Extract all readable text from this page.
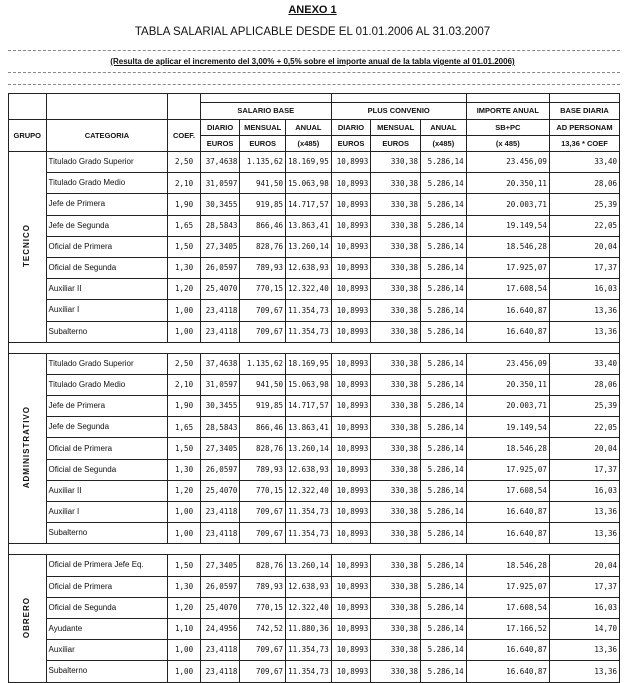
ANEXO 1
TABLA SALARIAL APLICABLE DESDE EL 01.01.2006 AL 31.03.2007
(Resulta de aplicar el incremento del 3,00% + 0,5% sobre el importe anual de la tabla vigente al 01.01.2006)

			SALARIO BASE			PLUS CONVENIO			IMPORTE ANUAL	BASE DIARIA
GRUPO	CATEGORIA	COEF.	DIARIO	MENSUAL	ANUAL	DIARIO	MENSUAL	ANUAL	SB+PC	AD PERSONAM
			EUROS	EUROS	(x485)	EUROS	EUROS	(x485)	(x 485)	13,36 * COEF
TECNICO	Titulado Grado Superior	2,50	37,4638	1.135,62	18.169,95	10,8993	330,38	5.286,14	23.456,09	33,40
	Titulado Grado Medio	2,10	31,0597	941,50	15.063,98	10,8993	330,38	5.286,14	20.350,11	28,06
	Jefe de Primera	1,90	30,3455	919,85	14.717,57	10,8993	330,38	5.286,14	20.003,71	25,39
	Jefe de Segunda	1,65	28,5843	866,46	13.863,41	10,8993	330,38	5.286,14	19.149,54	22,05
	Oficial de Primera	1,50	27,3405	828,76	13.260,14	10,8993	330,38	5.286,14	18.546,28	20,04
	Oficial de Segunda	1,30	26,0597	789,93	12.638,93	10,8993	330,38	5.286,14	17.925,07	17,37
	Auxiliar II	1,20	25,4070	770,15	12.322,40	10,8993	330,38	5.286,14	17.608,54	16,03
	Auxiliar I	1,00	23,4118	709,67	11.354,73	10,8993	330,38	5.286,14	16.640,87	13,36
	Subalterno	1,00	23,4118	709,67	11.354,73	10,8993	330,38	5.286,14	16.640,87	13,36

ADMINISTRATIVO	Titulado Grado Superior	2,50	37,4638	1.135,62	18.169,95	10,8993	330,38	5.286,14	23.456,09	33,40
	Titulado Grado Medio	2,10	31,0597	941,50	15.063,98	10,8993	330,38	5.286,14	20.350,11	28,06
	Jefe de Primera	1,90	30,3455	919,85	14.717,57	10,8993	330,38	5.286,14	20.003,71	25,39
	Jefe de Segunda	1,65	28,5843	866,46	13.863,41	10,8993	330,38	5.286,14	19.149,54	22,05
	Oficial de Primera	1,50	27,3405	828,76	13.260,14	10,8993	330,38	5.286,14	18.546,28	20,04
	Oficial de Segunda	1,30	26,0597	789,93	12.638,93	10,8993	330,38	5.286,14	17.925,07	17,37
	Auxiliar II	1,20	25,4070	770,15	12.322,40	10,8993	330,38	5.286,14	17.608,54	16,03
	Auxiliar I	1,00	23,4118	709,67	11.354,73	10,8993	330,38	5.286,14	16.640,87	13,36
	Subalterno	1,00	23,4118	709,67	11.354,73	10,8993	330,38	5.286,14	16.640,87	13,36

OBRERO	Oficial de Primera Jefe Eq.	1,50	27,3405	828,76	13.260,14	10,8993	330,38	5.286,14	18.546,28	20,04
	Oficial de Primera	1,30	26,0597	789,93	12.638,93	10,8993	330,38	5.286,14	17.925,07	17,37
	Oficial de Segunda	1,20	25,4070	770,15	12.322,40	10,8993	330,38	5.286,14	17.608,54	16,03
	Ayudante	1,10	24,4956	742,52	11.880,36	10,8993	330,38	5.286,14	17.166,52	14,70
	Auxiliar	1,00	23,4118	709,67	11.354,73	10,8993	330,38	5.286,14	16.640,87	13,36
	Subalterno	1,00	23,4118	709,67	11.354,73	10,8993	330,38	5.286,14	16.640,87	13,36
